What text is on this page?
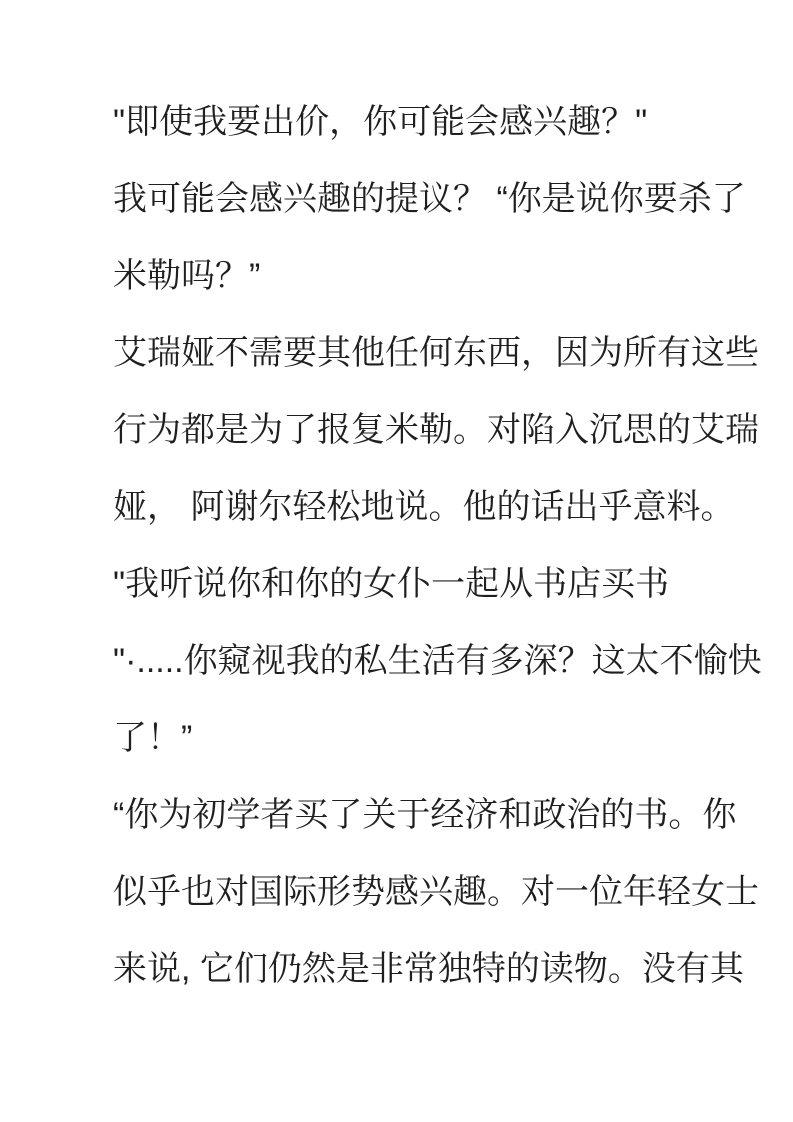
"即使我要出价，你可能会感兴趣？"

我可能会感兴趣的提议？ “你是说你要杀了

米勒吗？”

艾瑞娅不需要其他任何东西，因为所有这些

行为都是为了报复米勒。对陷入沉思的艾瑞

娅， 阿谢尔轻松地说。他的话出乎意料。

"我听说你和你的女仆一起从书店买书

"·.....你窥视我的私生活有多深？这太不愉快

了！”

“你为初学者买了关于经济和政治的书。你

似乎也对国际形势感兴趣。对一位年轻女士

来说, 它们仍然是非常独特的读物。没有其
